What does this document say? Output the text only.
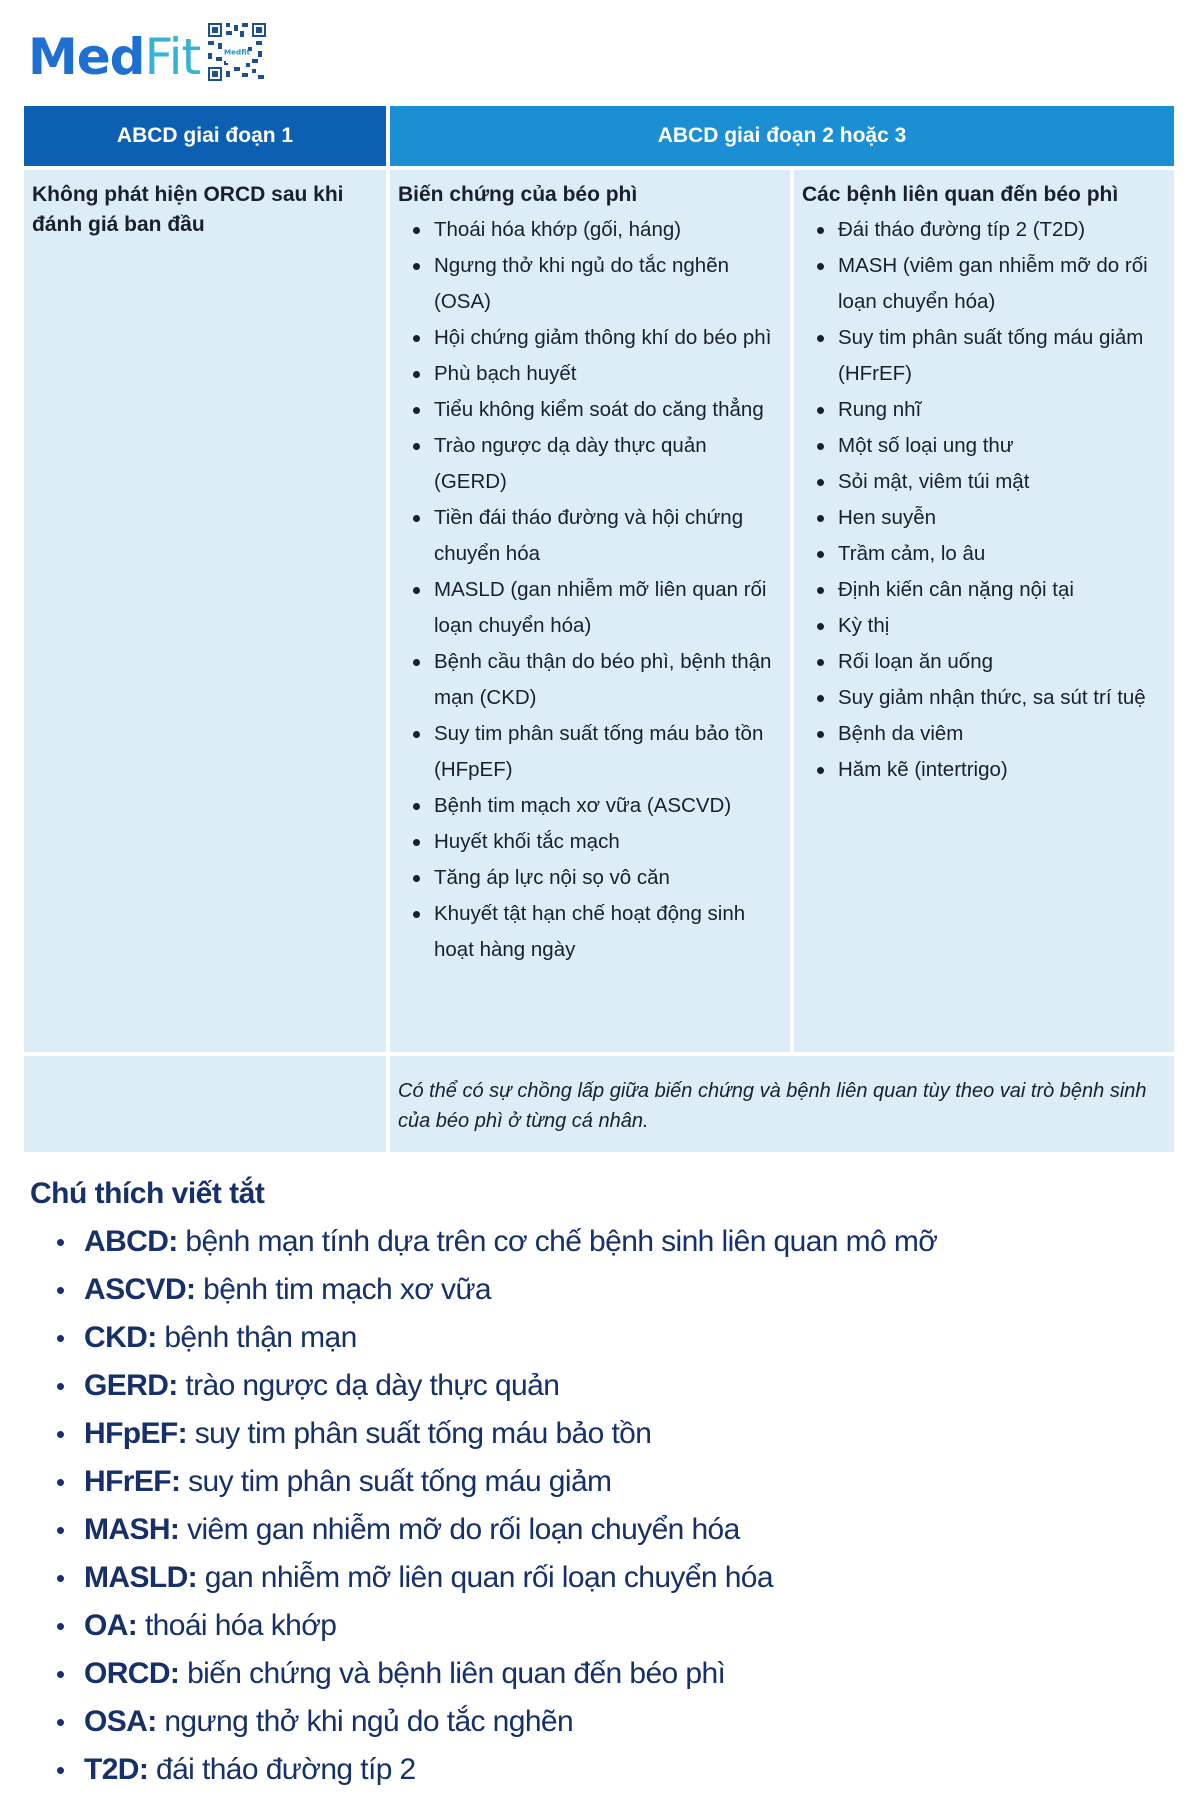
MedFit	Medfit
ABCD giai đoạn 1	ABCD giai đoạn 2 hoặc 3
Không phát hiện ORCD sau khi đánh giá ban đầu
Biến chứng của béo phì
Thoái hóa khớp (gối, háng)
Ngưng thở khi ngủ do tắc nghẽn (OSA)
Hội chứng giảm thông khí do béo phì
Phù bạch huyết
Tiểu không kiểm soát do căng thẳng
Trào ngược dạ dày thực quản (GERD)
Tiền đái tháo đường và hội chứng chuyển hóa
MASLD (gan nhiễm mỡ liên quan rối loạn chuyển hóa)
Bệnh cầu thận do béo phì, bệnh thận mạn (CKD)
Suy tim phân suất tống máu bảo tồn (HFpEF)
Bệnh tim mạch xơ vữa (ASCVD)
Huyết khối tắc mạch
Tăng áp lực nội sọ vô căn
Khuyết tật hạn chế hoạt động sinh hoạt hàng ngày
Các bệnh liên quan đến béo phì
Đái tháo đường típ 2 (T2D)
MASH (viêm gan nhiễm mỡ do rối loạn chuyển hóa)
Suy tim phân suất tống máu giảm (HFrEF)
Rung nhĩ
Một số loại ung thư
Sỏi mật, viêm túi mật
Hen suyễn
Trầm cảm, lo âu
Định kiến cân nặng nội tại
Kỳ thị
Rối loạn ăn uống
Suy giảm nhận thức, sa sút trí tuệ
Bệnh da viêm
Hăm kẽ (intertrigo)
Có thể có sự chồng lấp giữa biến chứng và bệnh liên quan tùy theo vai trò bệnh sinh của béo phì ở từng cá nhân.
Chú thích viết tắt
ABCD: bệnh mạn tính dựa trên cơ chế bệnh sinh liên quan mô mỡ
ASCVD: bệnh tim mạch xơ vữa
CKD: bệnh thận mạn
GERD: trào ngược dạ dày thực quản
HFpEF: suy tim phân suất tống máu bảo tồn
HFrEF: suy tim phân suất tống máu giảm
MASH: viêm gan nhiễm mỡ do rối loạn chuyển hóa
MASLD: gan nhiễm mỡ liên quan rối loạn chuyển hóa
OA: thoái hóa khớp
ORCD: biến chứng và bệnh liên quan đến béo phì
OSA: ngưng thở khi ngủ do tắc nghẽn
T2D: đái tháo đường típ 2
